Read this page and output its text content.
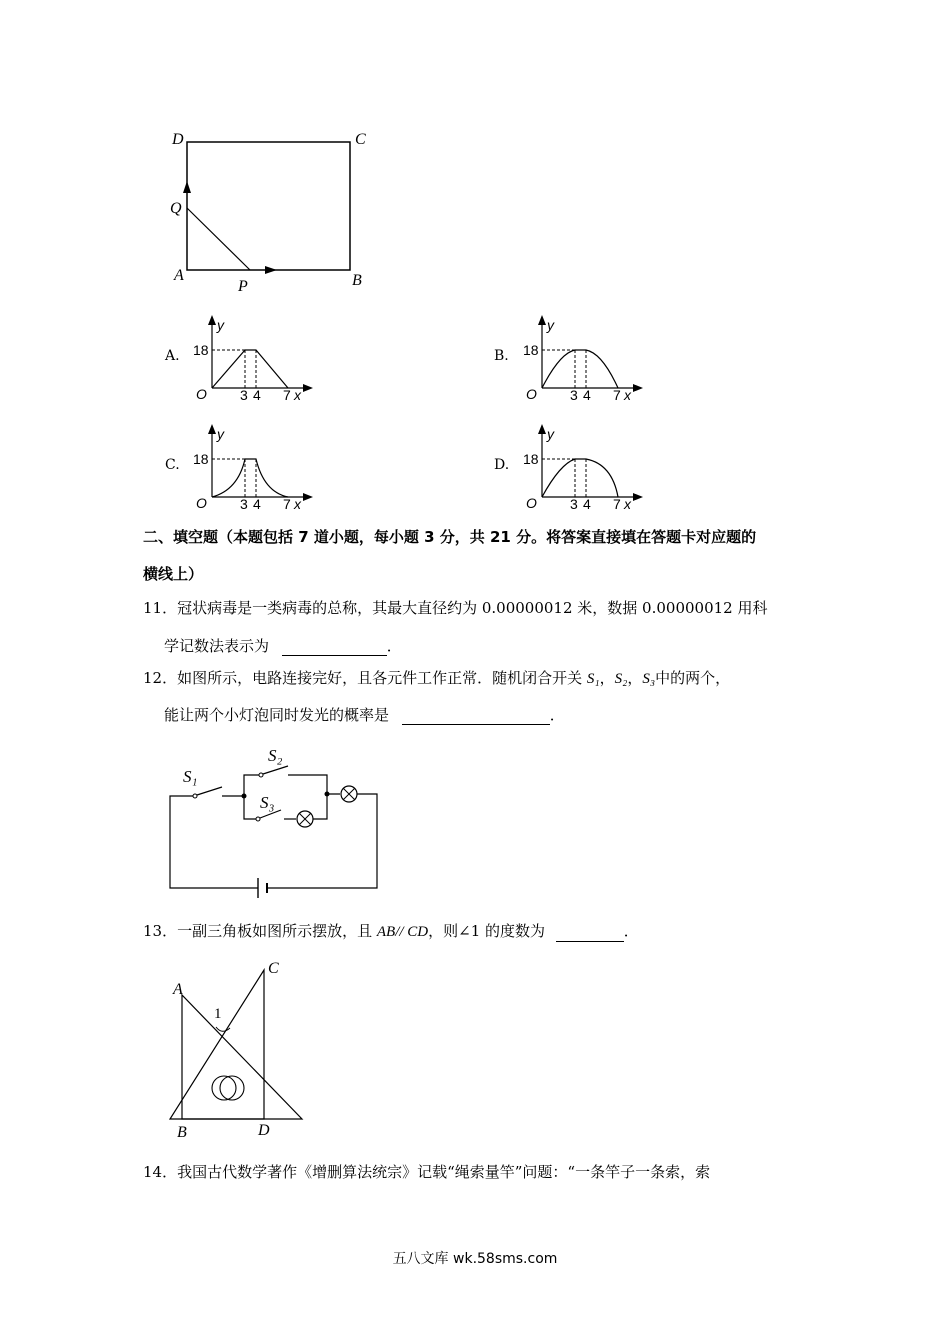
D	C
Q
A
P	B
A.
y
18
O 3 4 7 x
B.
y
18
O 3 4 7 x
C.
y
18
O 3 4 7 x
D.
y
18
O 3 4 7 x
二、填空题（本题包括 7 道小题，每小题 3 分，共 21 分。将答案直接填在答题卡对应题的
横线上）
11．冠状病毒是一类病毒的总称，其最大直径约为 0.00000012 米，数据 0.00000012 用科
学记数法表示为	．
12．如图所示，电路连接完好，且各元件工作正常．随机闭合开关 S₁，S₂，S₃中的两个，
能让两个小灯泡同时发光的概率是	．
S₁
S₂
S₃
13．一副三角板如图所示摆放，且 AB// CD，则∠1 的度数为	．
A
C
1
B	D
14．我国古代数学著作《增删算法统宗》记载“绳索量竿”问题：“一条竿子一条索，索
五八文库 wk.58sms.com
